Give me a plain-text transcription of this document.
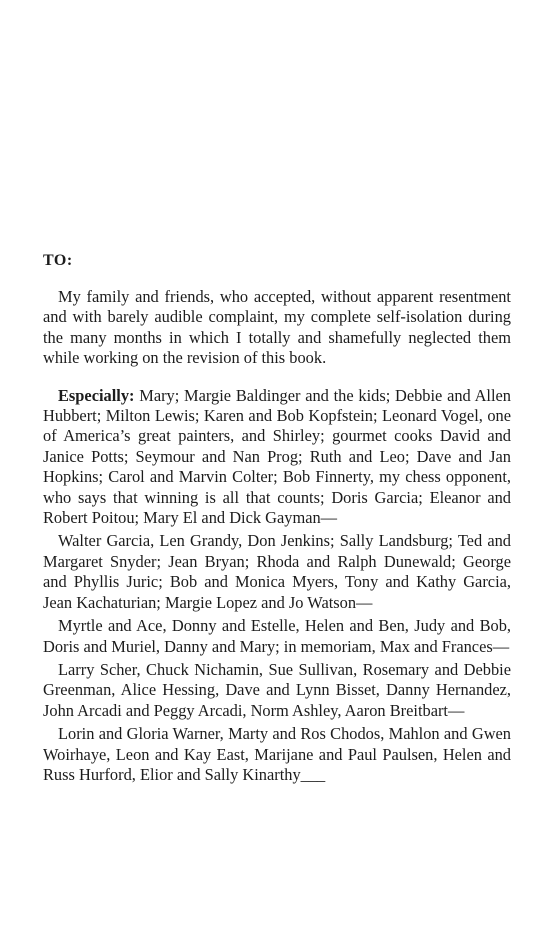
TO:

My family and friends, who accepted, without apparent resentment and with barely audible complaint, my complete self-isolation during the many months in which I totally and shamefully neglected them while working on the revision of this book.

Especially: Mary; Margie Baldinger and the kids; Debbie and Allen Hubbert; Milton Lewis; Karen and Bob Kopfstein; Leonard Vogel, one of America’s great painters, and Shirley; gourmet cooks David and Janice Potts; Seymour and Nan Prog; Ruth and Leo; Dave and Jan Hopkins; Carol and Marvin Colter; Bob Finnerty, my chess opponent, who says that winning is all that counts; Doris Garcia; Eleanor and Robert Poitou; Mary El and Dick Gayman—

Walter Garcia, Len Grandy, Don Jenkins; Sally Landsburg; Ted and Margaret Snyder; Jean Bryan; Rhoda and Ralph Dunewald; George and Phyllis Juric; Bob and Monica Myers, Tony and Kathy Garcia, Jean Kachaturian; Margie Lopez and Jo Watson—

Myrtle and Ace, Donny and Estelle, Helen and Ben, Judy and Bob, Doris and Muriel, Danny and Mary; in memoriam, Max and Frances—

Larry Scher, Chuck Nichamin, Sue Sullivan, Rosemary and Debbie Greenman, Alice Hessing, Dave and Lynn Bisset, Danny Hernandez, John Arcadi and Peggy Arcadi, Norm Ashley, Aaron Breitbart—

Lorin and Gloria Warner, Marty and Ros Chodos, Mahlon and Gwen Woirhaye, Leon and Kay East, Marijane and Paul Paulsen, Helen and Russ Hurford, Elior and Sally Kinarthy___
